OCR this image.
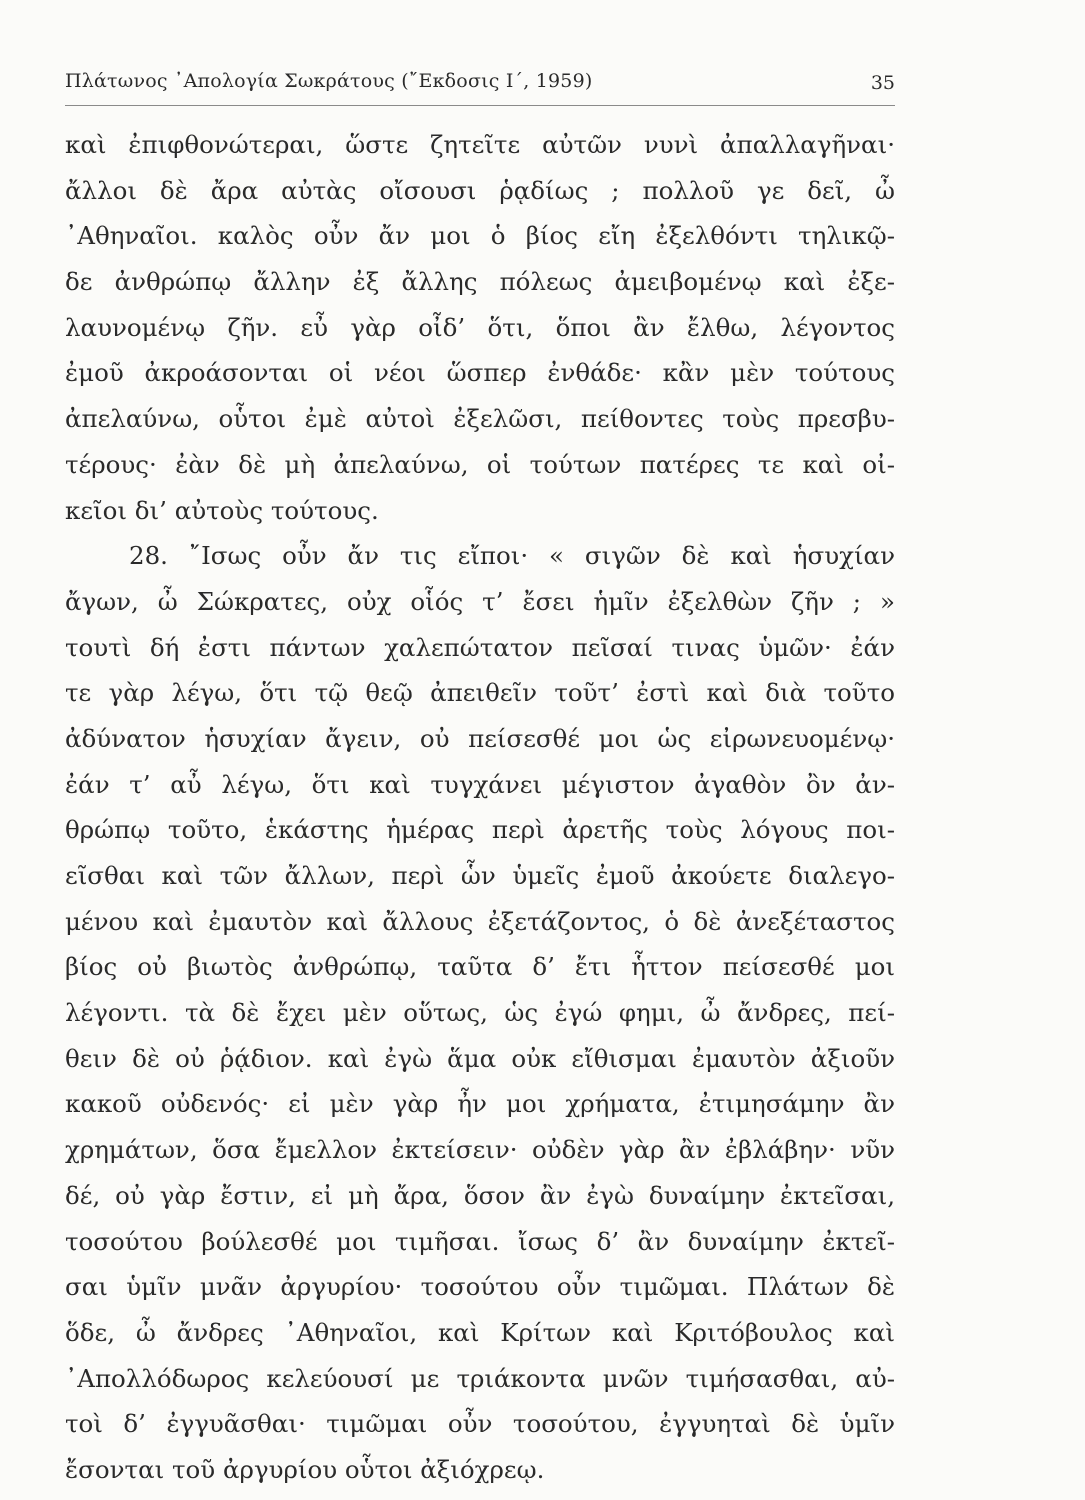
Πλάτωνος ᾿Απολογία Σωκράτους (῎Εκδοσις Ι΄, 1959)	35
καὶ ἐπιφθονώτεραι, ὥστε ζητεῖτε αὐτῶν νυνὶ ἀπαλλαγῆναι·
ἄλλοι δὲ ἄρα αὐτὰς οἴσουσι ῥᾳδίως ; πολλοῦ γε δεῖ, ὦ
᾿Αθηναῖοι. καλὸς οὖν ἄν μοι ὁ βίος εἴη ἐξελθόντι τηλικῷ-
δε ἀνθρώπῳ ἄλλην ἐξ ἄλλης πόλεως ἀμειβομένῳ καὶ ἐξε-
λαυνομένῳ ζῆν. εὖ γὰρ οἶδ’ ὅτι, ὅποι ἂν ἔλθω, λέγοντος
ἐμοῦ ἀκροάσονται οἱ νέοι ὥσπερ ἐνθάδε· κἂν μὲν τούτους
ἀπελαύνω, οὗτοι ἐμὲ αὐτοὶ ἐξελῶσι, πείθοντες τοὺς πρεσβυ-
τέρους· ἐὰν δὲ μὴ ἀπελαύνω, οἱ τούτων πατέρες τε καὶ οἰ-
κεῖοι δι’ αὐτοὺς τούτους.
28. ῎Ισως οὖν ἄν τις εἴποι· « σιγῶν δὲ καὶ ἡσυχίαν
ἄγων, ὦ Σώκρατες, οὐχ οἷός τ’ ἔσει ἡμῖν ἐξελθὼν ζῆν ; »
τουτὶ δή ἐστι πάντων χαλεπώτατον πεῖσαί τινας ὑμῶν· ἐάν
τε γὰρ λέγω, ὅτι τῷ θεῷ ἀπειθεῖν τοῦτ’ ἐστὶ καὶ διὰ τοῦτο
ἀδύνατον ἡσυχίαν ἄγειν, οὐ πείσεσθέ μοι ὡς εἰρωνευομένῳ·
ἐάν τ’ αὖ λέγω, ὅτι καὶ τυγχάνει μέγιστον ἀγαθὸν ὂν ἀν-
θρώπῳ τοῦτο, ἑκάστης ἡμέρας περὶ ἀρετῆς τοὺς λόγους ποι-
εῖσθαι καὶ τῶν ἄλλων, περὶ ὧν ὑμεῖς ἐμοῦ ἀκούετε διαλεγο-
μένου καὶ ἐμαυτὸν καὶ ἄλλους ἐξετάζοντος, ὁ δὲ ἀνεξέταστος
βίος οὐ βιωτὸς ἀνθρώπῳ, ταῦτα δ’ ἔτι ἧττον πείσεσθέ μοι
λέγοντι. τὰ δὲ ἔχει μὲν οὕτως, ὡς ἐγώ φημι, ὦ ἄνδρες, πεί-
θειν δὲ οὐ ῥᾴδιον. καὶ ἐγὼ ἅμα οὐκ εἴθισμαι ἐμαυτὸν ἀξιοῦν
κακοῦ οὐδενός· εἰ μὲν γὰρ ἦν μοι χρήματα, ἐτιμησάμην ἂν
χρημάτων, ὅσα ἔμελλον ἐκτείσειν· οὐδὲν γὰρ ἂν ἐβλάβην· νῦν
δέ, οὐ γὰρ ἔστιν, εἰ μὴ ἄρα, ὅσον ἂν ἐγὼ δυναίμην ἐκτεῖσαι,
τοσούτου βούλεσθέ μοι τιμῆσαι. ἴσως δ’ ἂν δυναίμην ἐκτεῖ-
σαι ὑμῖν μνᾶν ἀργυρίου· τοσούτου οὖν τιμῶμαι. Πλάτων δὲ
ὅδε, ὦ ἄνδρες ᾿Αθηναῖοι, καὶ Κρίτων καὶ Κριτόβουλος καὶ
᾿Απολλόδωρος κελεύουσί με τριάκοντα μνῶν τιμήσασθαι, αὐ-
τοὶ δ’ ἐγγυᾶσθαι· τιμῶμαι οὖν τοσούτου, ἐγγυηταὶ δὲ ὑμῖν
ἔσονται τοῦ ἀργυρίου οὗτοι ἀξιόχρεῳ.
